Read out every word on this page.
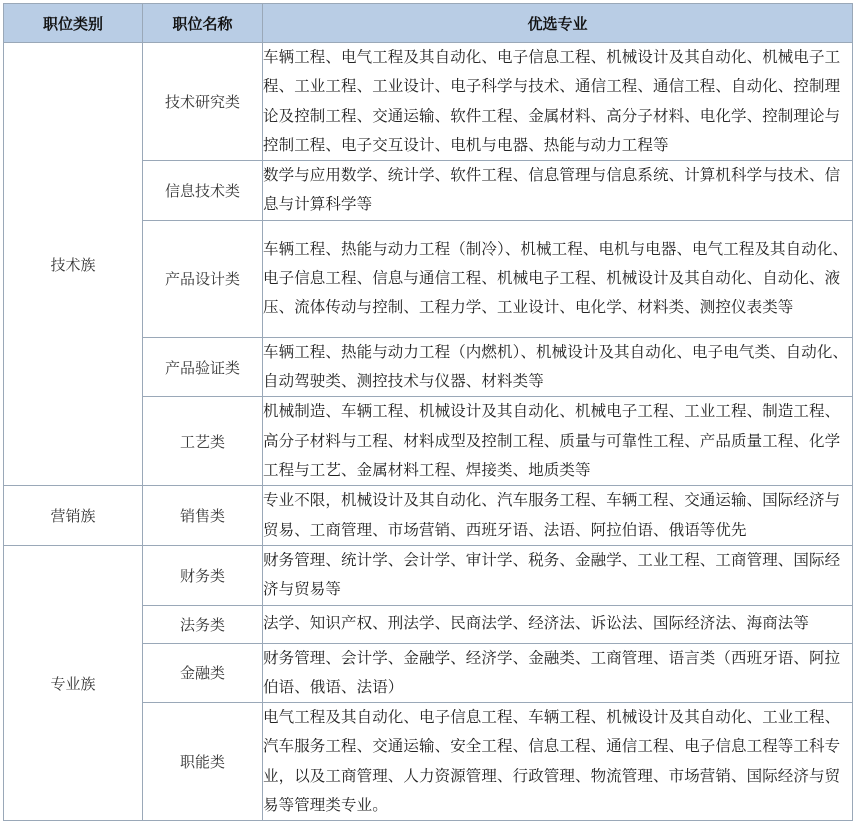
职位类别	职位名称	优选专业
技术族	技术研究类	车辆工程、电气工程及其自动化、电子信息工程、机械设计及其自动化、机械电子工程、工业工程、工业设计、电子科学与技术、通信工程、通信工程、自动化、控制理论及控制工程、交通运输、软件工程、金属材料、高分子材料、电化学、控制理论与控制工程、电子交互设计、电机与电器、热能与动力工程等
	信息技术类	数学与应用数学、统计学、软件工程、信息管理与信息系统、计算机科学与技术、信息与计算科学等
	产品设计类	车辆工程、热能与动力工程（制冷）、机械工程、电机与电器、电气工程及其自动化、电子信息工程、信息与通信工程、机械电子工程、机械设计及其自动化、自动化、液压、流体传动与控制、工程力学、工业设计、电化学、材料类、测控仪表类等
	产品验证类	车辆工程、热能与动力工程（内燃机）、机械设计及其自动化、电子电气类、自动化、自动驾驶类、测控技术与仪器、材料类等
	工艺类	机械制造、车辆工程、机械设计及其自动化、机械电子工程、工业工程、制造工程、高分子材料与工程、材料成型及控制工程、质量与可靠性工程、产品质量工程、化学工程与工艺、金属材料工程、焊接类、地质类等
营销族	销售类	专业不限，机械设计及其自动化、汽车服务工程、车辆工程、交通运输、国际经济与贸易、工商管理、市场营销、西班牙语、法语、阿拉伯语、俄语等优先
专业族	财务类	财务管理、统计学、会计学、审计学、税务、金融学、工业工程、工商管理、国际经济与贸易等
	法务类	法学、知识产权、刑法学、民商法学、经济法、诉讼法、国际经济法、海商法等
	金融类	财务管理、会计学、金融学、经济学、金融类、工商管理、语言类（西班牙语、阿拉伯语、俄语、法语）
	职能类	电气工程及其自动化、电子信息工程、车辆工程、机械设计及其自动化、工业工程、汽车服务工程、交通运输、安全工程、信息工程、通信工程、电子信息工程等工科专业，以及工商管理、人力资源管理、行政管理、物流管理、市场营销、国际经济与贸易等管理类专业。
